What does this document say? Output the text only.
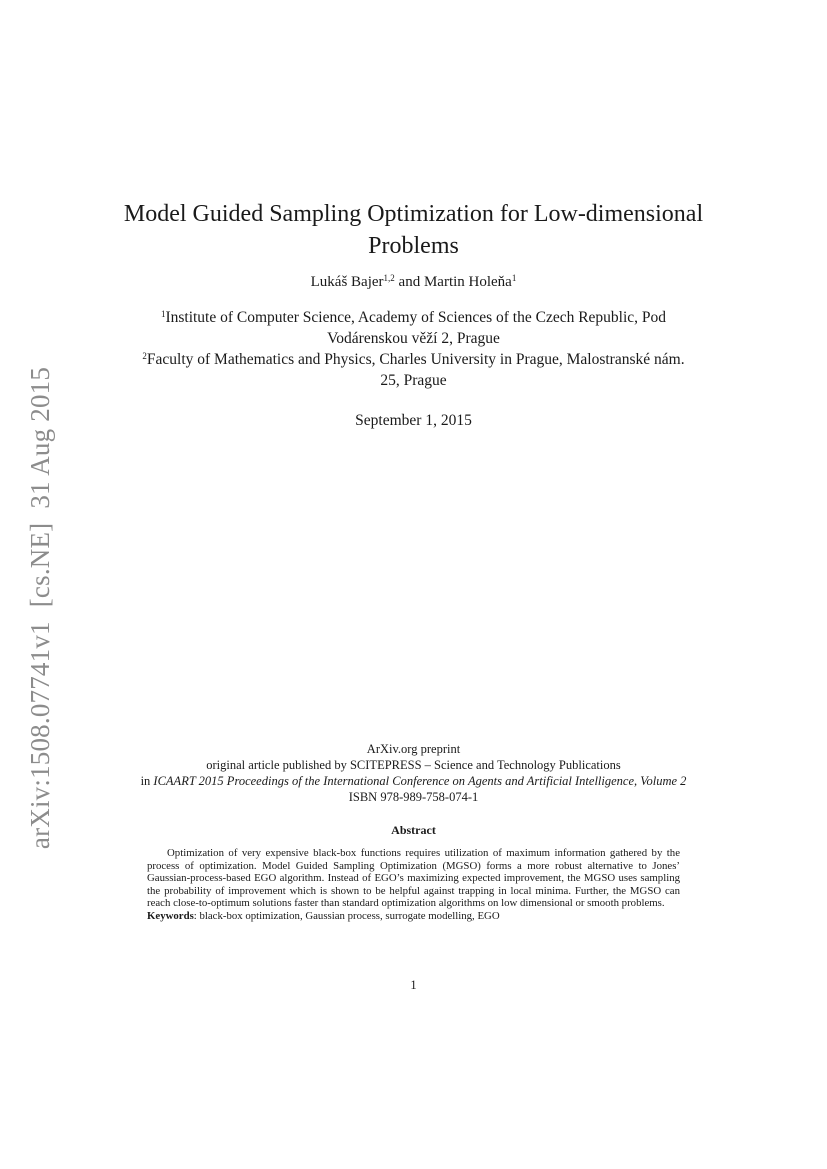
arXiv:1508.07741v1[cs.NE]31 Aug 2015
Model Guided Sampling Optimization for Low-dimensional
Problems
Lukáš Bajer$^{1,2}$ and Martin Holeňa$^1$
$^1$Institute of Computer Science, Academy of Sciences of the Czech Republic, Pod
Vodárenskou věží 2, Prague
$^2$Faculty of Mathematics and Physics, Charles University in Prague, Malostranské nám.
25, Prague
September 1, 2015
ArXiv.org preprint
original article published by SCITEPRESS – Science and Technology Publications
in ICAART 2015 Proceedings of the International Conference on Agents and Artificial Intelligence, Volume 2
ISBN 978-989-758-074-1
Abstract

Optimization of very expensive black-box functions requires utilization of maximum information gathered by the process of optimization. Model Guided Sampling Optimization (MGSO) forms a more robust alternative to Jones’ Gaussian-process-based EGO algorithm. Instead of EGO’s maximizing expected improvement, the MGSO uses sampling the probability of improvement which is shown to be helpful against trapping in local minima. Further, the MGSO can reach close-to-optimum solutions faster than standard optimization algorithms on low dimensional or smooth problems.

Keywords: black-box optimization, Gaussian process, surrogate modelling, EGO
1
